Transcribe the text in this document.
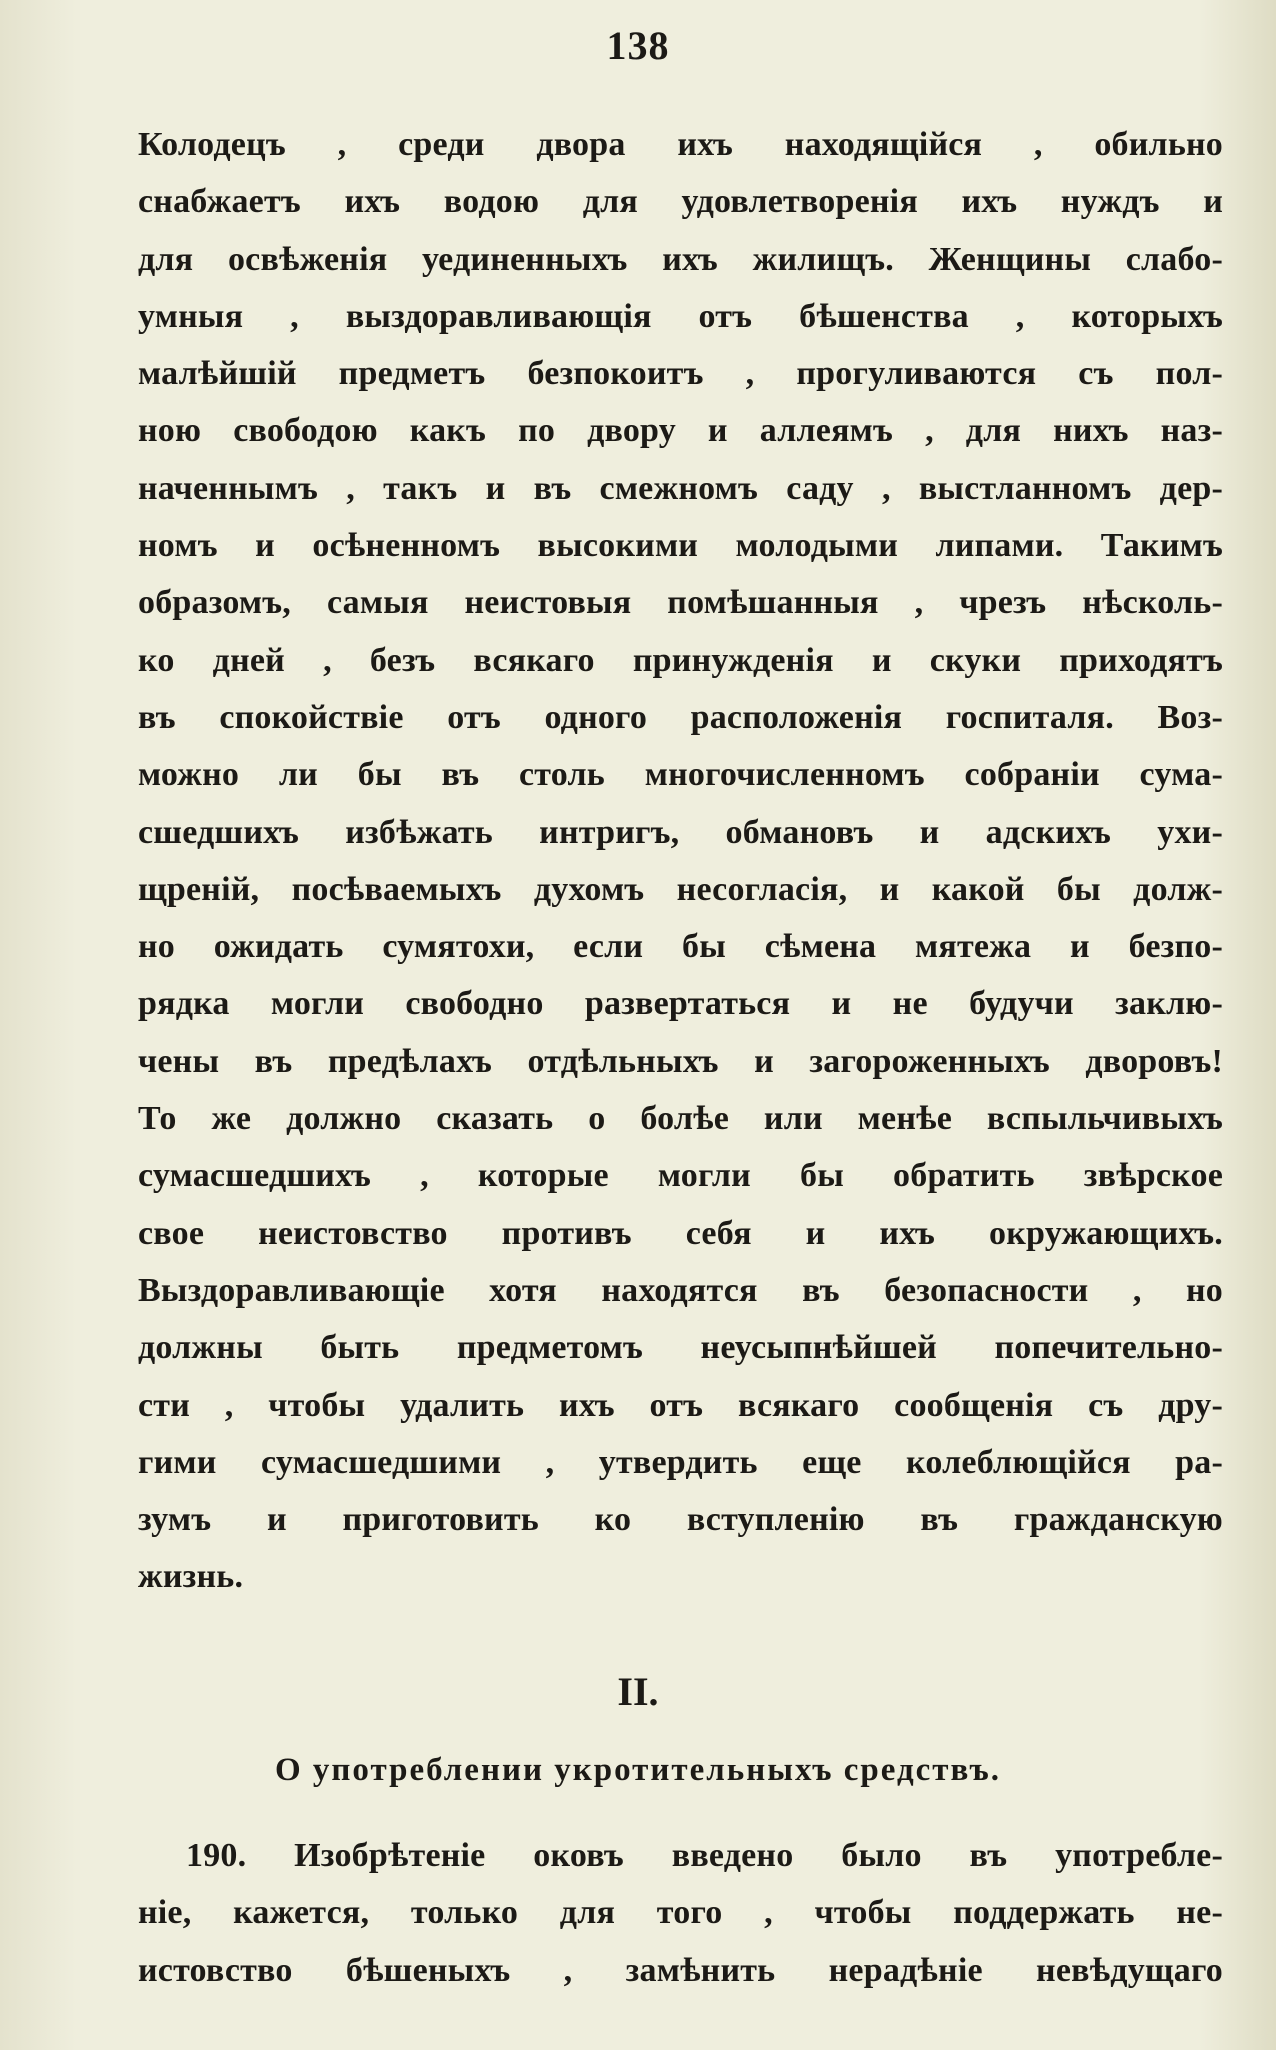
138
Колодецъ , среди двора ихъ находящійся , обильно
снабжаетъ ихъ водою для удовлетворенія ихъ нуждъ и
для освѣженія уединенныхъ ихъ жилищъ. Женщины слабо-
умныя , выздоравливающія отъ бѣшенства , которыхъ
малѣйшій предметъ безпокоитъ , прогуливаются съ пол-
ною свободою какъ по двору и аллеямъ , для нихъ наз-
наченнымъ , такъ и въ смежномъ саду , выстланномъ дер-
номъ и осѣненномъ высокими молодыми липами. Такимъ
образомъ, самыя неистовыя помѣшанныя , чрезъ нѣсколь-
ко дней , безъ всякаго принужденія и скуки приходятъ
въ спокойствіе отъ одного расположенія госпиталя. Воз-
можно ли бы въ столь многочисленномъ собраніи сума-
сшедшихъ избѣжать интригъ, обмановъ и адскихъ ухи-
щреній, посѣваемыхъ духомъ несогласія, и какой бы долж-
но ожидать сумятохи, если бы сѣмена мятежа и безпо-
рядка могли свободно развертаться и не будучи заклю-
чены въ предѣлахъ отдѣльныхъ и загороженныхъ дворовъ!
То же должно сказать о болѣе или менѣе вспыльчивыхъ
сумасшедшихъ , которые могли бы обратить звѣрское
свое неистовство противъ себя и ихъ окружающихъ.
Выздоравливающіе хотя находятся въ безопасности , но
должны быть предметомъ неусыпнѣйшей попечительно-
сти , чтобы удалить ихъ отъ всякаго сообщенія съ дру-
гими сумасшедшими , утвердить еще колеблющійся ра-
зумъ и приготовить ко вступленію въ гражданскую
жизнь.
II.
О употреблении укротительныхъ средствъ.
190. Изобрѣтеніе оковъ введено было въ употребле-
ніе, кажется, только для того , чтобы поддержать не-
истовство бѣшеныхъ , замѣнить нерадѣніе невѣдущаго
